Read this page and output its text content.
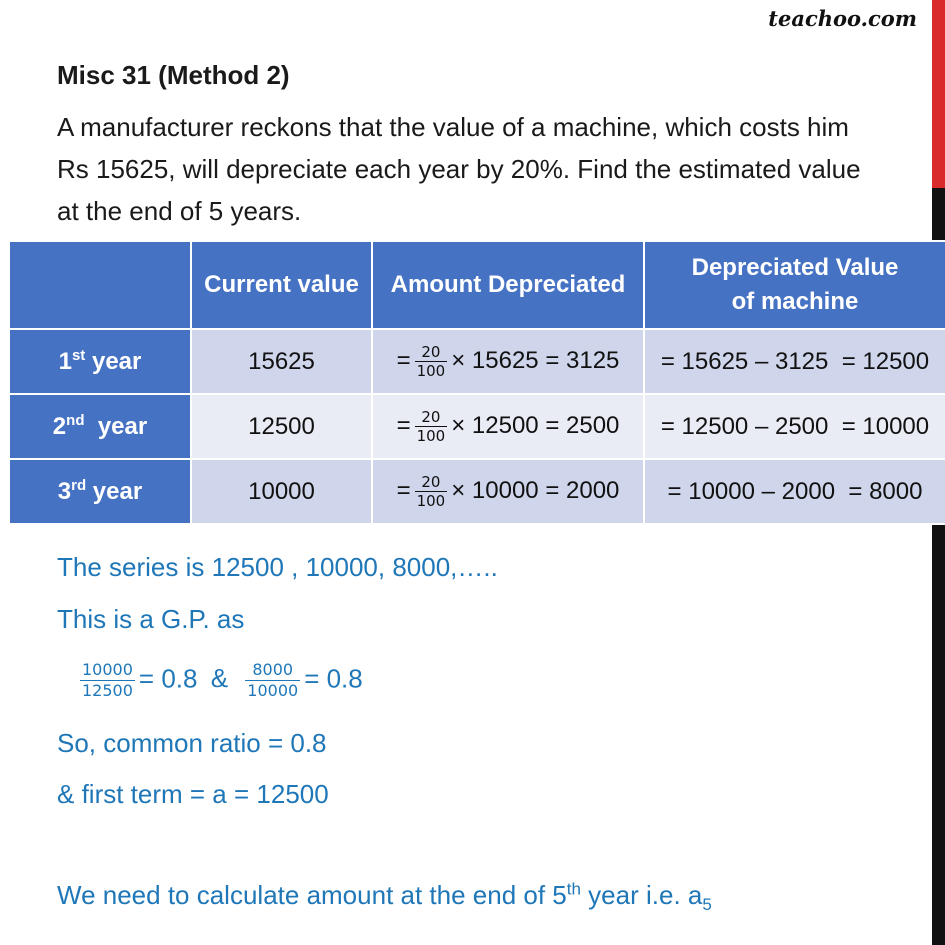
teachoo.com
Misc 31 (Method 2)
A manufacturer reckons that the value of a machine, which costs him Rs 15625, will depreciate each year by 20%. Find the estimated value at the end of 5 years.
	Current value	Amount Depreciated	Depreciated Value of machine
1st year	15625	= $\frac{20}{100} \times 15625 = 3125$	= 15625 – 3125  = 12500
2nd  year	12500	= $\frac{20}{100} \times 12500 = 2500$	= 12500 – 2500  = 10000
3rd year	10000	= $\frac{20}{100} \times 10000 = 2000$	= 10000 – 2000  = 8000
The series is 12500 , 10000, 8000,…..
This is a G.P. as
$\frac{10000}{12500} = 0.8$ & $\frac{8000}{10000} = 0.8$
So, common ratio = 0.8
& first term = a = 12500
We need to calculate amount at the end of 5th year i.e. $a_5$
